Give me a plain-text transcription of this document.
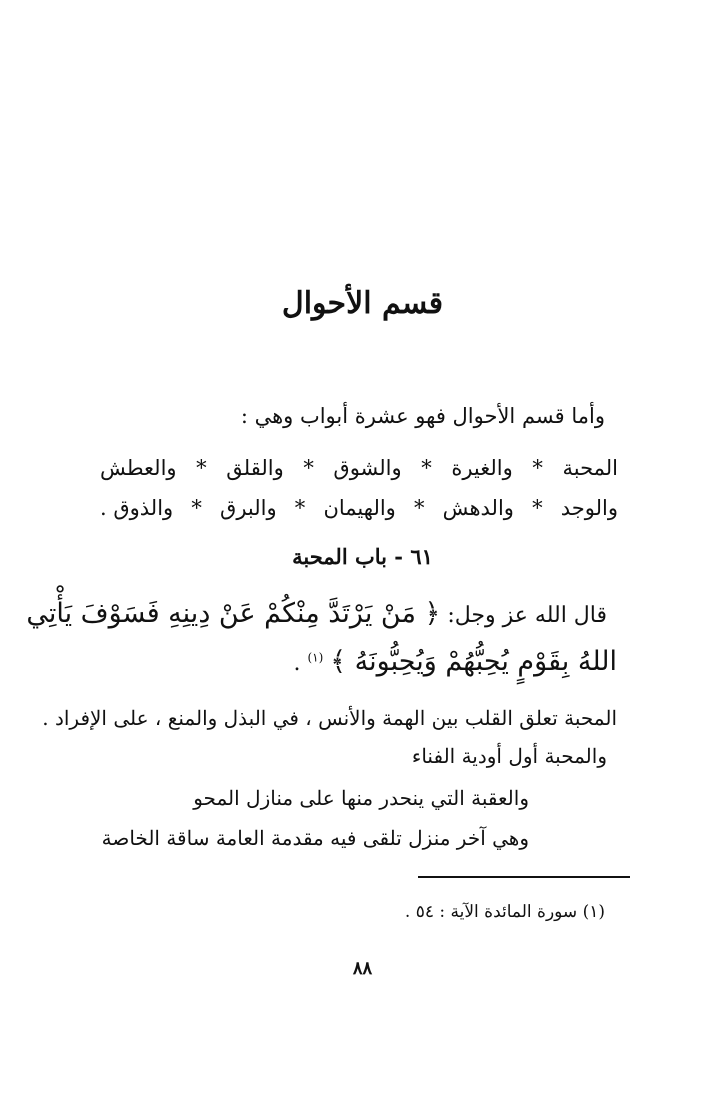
قسم الأحوال
وأما قسم الأحوال فهو عشرة أبواب وهي :
المحبة
*
والغيرة
*
والشوق
*
والقلق
*
والعطش
والوجد
*
والدهش
*
والهيمان
*
والبرق
*
والذوق .
٦١ - باب المحبة
قال الله عز وجل: ﴿ مَنْ يَرْتَدَّ مِنْكُمْ عَنْ دِينِهِ فَسَوْفَ يَأْتِي
اللهُ بِقَوْمٍ يُحِبُّهُمْ وَيُحِبُّونَهُ ﴾ $^{(١)}$ .
المحبة تعلق القلب بين الهمة والأنس ، في البذل والمنع ، على الإفراد .
والمحبة أول أودية الفناء
والعقبة التي ينحدر منها على منازل المحو
وهي آخر منزل تلقى فيه مقدمة العامة ساقة الخاصة
(١) سورة المائدة الآية : ٥٤ .
٨٨
